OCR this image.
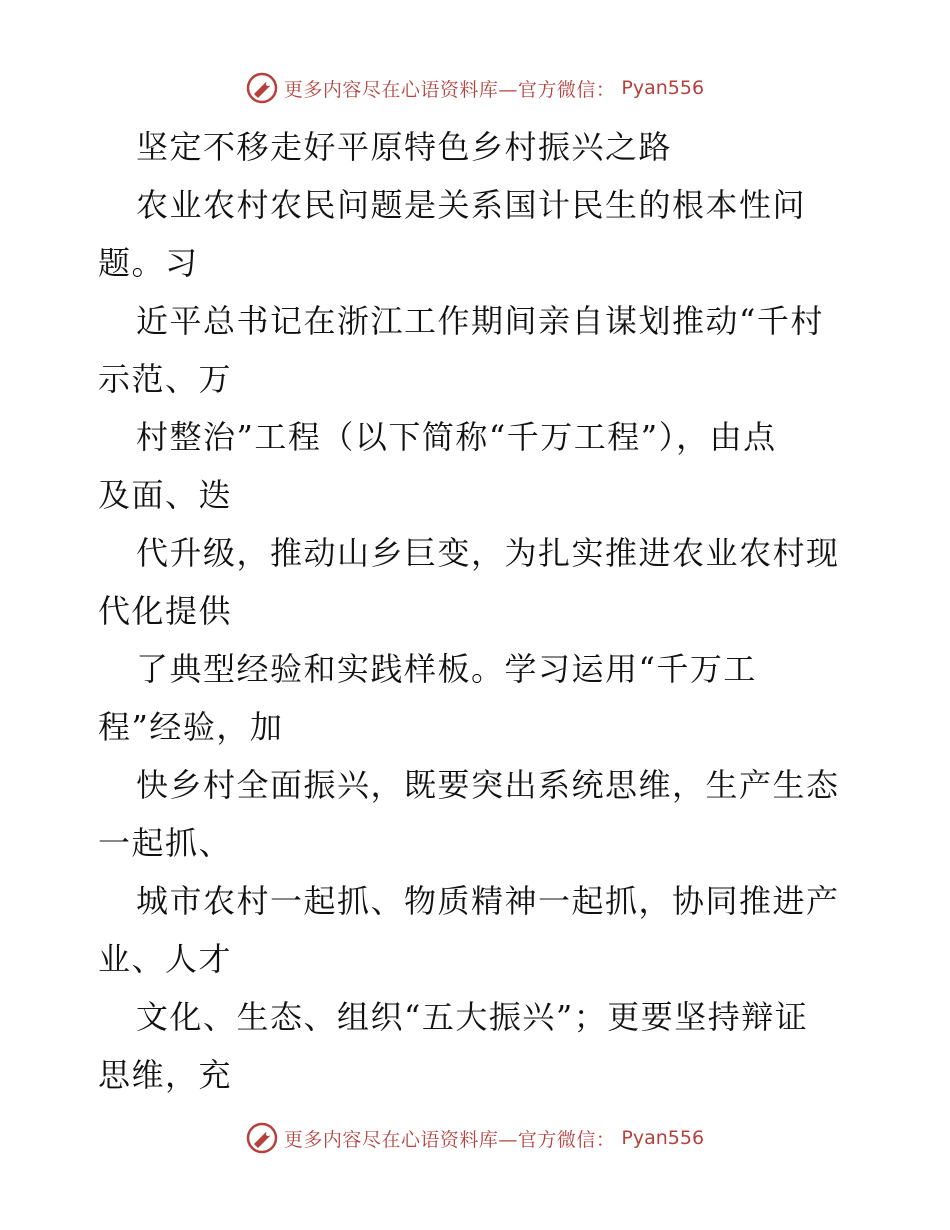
更多内容尽在心语资料库—官方微信： Pyan556
坚定不移走好平原特色乡村振兴之路
农业农村农民问题是关系国计民生的根本性问
题。习
近平总书记在浙江工作期间亲自谋划推动“千村
示范、万
村整治”工程（以下简称“千万工程”），由点
及面、迭
代升级，推动山乡巨变，为扎实推进农业农村现
代化提供
了典型经验和实践样板。学习运用“千万工
程”经验，加
快乡村全面振兴，既要突出系统思维，生产生态
一起抓、
城市农村一起抓、物质精神一起抓，协同推进产
业、人才
文化、生态、组织“五大振兴”；更要坚持辩证
思维，充
更多内容尽在心语资料库—官方微信： Pyan556
